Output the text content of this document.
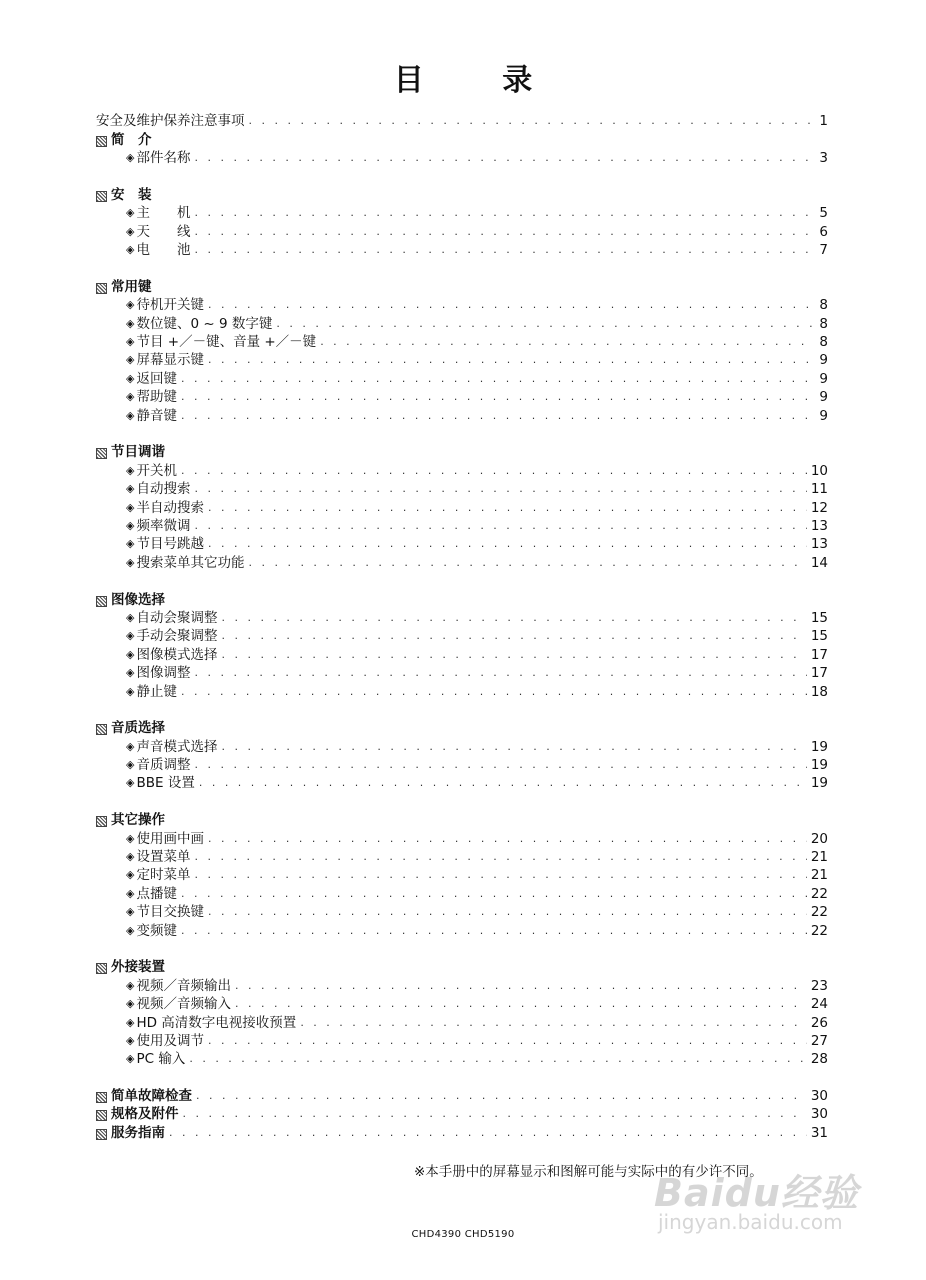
目 录
安全及维护保养注意事项 . . .	1
简　介
◈ 部件名称 . . .	3
安　装
◈ 主　　机 . . .	5
◈ 天　　线 . . .	6
◈ 电　　池 . . .	7
常用键
◈ 待机开关键 . . .	8
◈ 数位键、0 ~ 9 数字键 . . .	8
◈ 节目 +／－键、音量 +／－键 . . .	8
◈ 屏幕显示键 . . .	9
◈ 返回键 . . .	9
◈ 帮助键 . . .	9
◈ 静音键 . . .	9
节目调谐
◈ 开关机 . . .	10
◈ 自动搜索 . . .	11
◈ 半自动搜索 . . .	12
◈ 频率微调 . . .	13
◈ 节目号跳越 . . .	13
◈ 搜索菜单其它功能 . . .	14
图像选择
◈ 自动会聚调整 . . .	15
◈ 手动会聚调整 . . .	15
◈ 图像模式选择 . . .	17
◈ 图像调整 . . .	17
◈ 静止键 . . .	18
音质选择
◈ 声音模式选择 . . .	19
◈ 音质调整 . . .	19
◈ BBE 设置 . . .	19
其它操作
◈ 使用画中画 . . .	20
◈ 设置菜单 . . .	21
◈ 定时菜单 . . .	21
◈ 点播键 . . .	22
◈ 节目交换键 . . .	22
◈ 变频键 . . .	22
外接装置
◈ 视频／音频输出 . . .	23
◈ 视频／音频输入 . . .	24
◈ HD 高清数字电视接收预置 . . .	26
◈ 使用及调节 . . .	27
◈ PC 输入 . . .	28
简单故障检查 . . .	30
规格及附件 . . .	30
服务指南 . . .	31
※本手册中的屏幕显示和图解可能与实际中的有少许不同。
CHD4390 CHD5190
Baidu经验
jingyan.baidu.com
